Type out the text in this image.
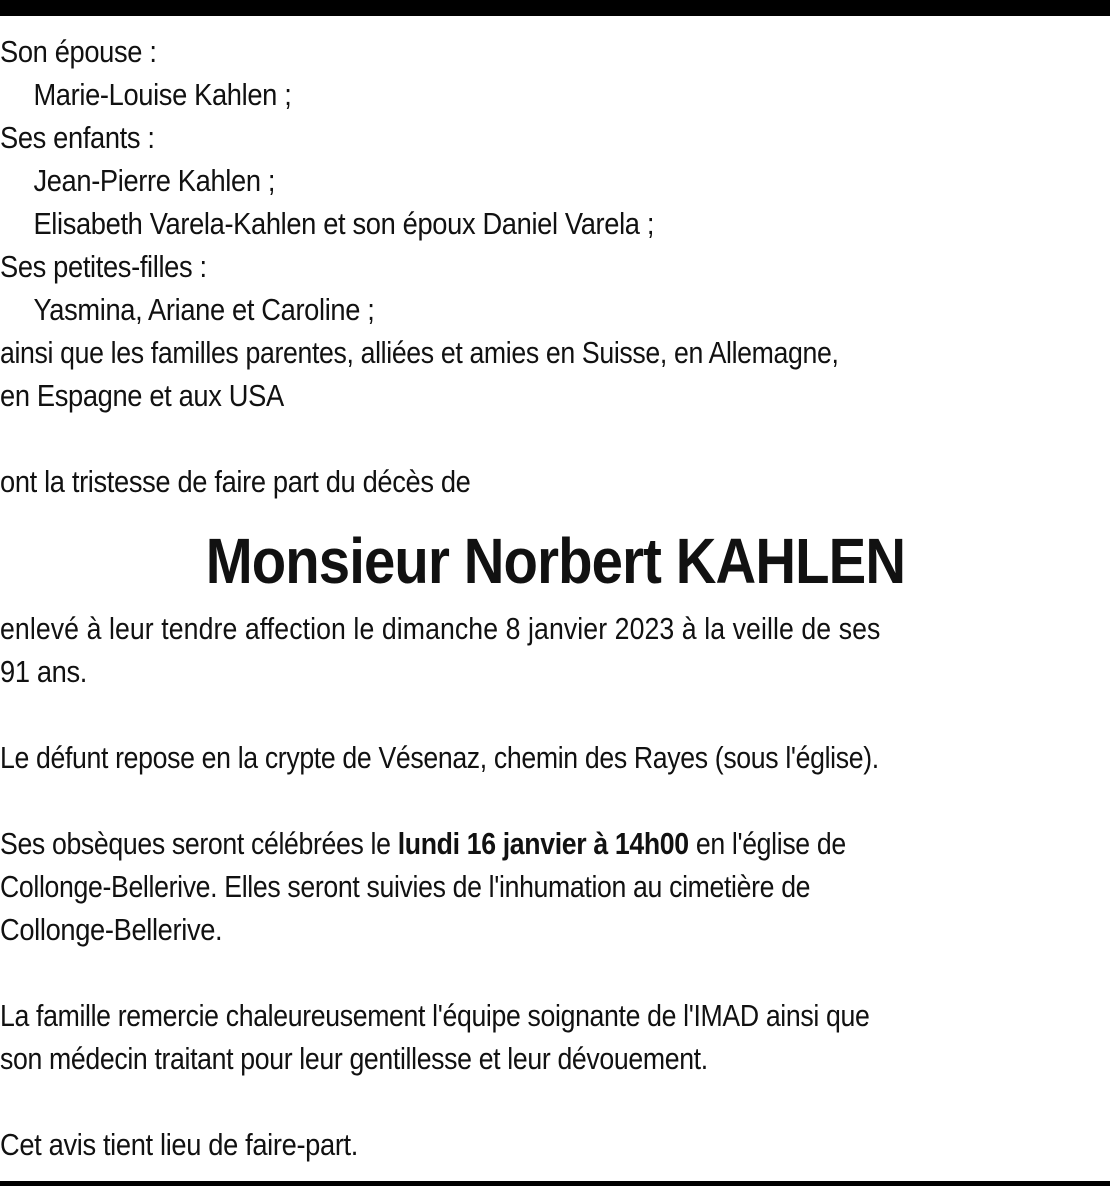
Son épouse :
Marie-Louise Kahlen ;
Ses enfants :
Jean-Pierre Kahlen ;
Elisabeth Varela-Kahlen et son époux Daniel Varela ;
Ses petites-filles :
Yasmina, Ariane et Caroline ;
ainsi que les familles parentes, alliées et amies en Suisse, en Allemagne,
en Espagne et aux USA
ont la tristesse de faire part du décès de
Monsieur Norbert KAHLEN
enlevé à leur tendre affection le dimanche 8 janvier 2023 à la veille de ses
91 ans.
Le défunt repose en la crypte de Vésenaz, chemin des Rayes (sous l'église).
Ses obsèques seront célébrées le lundi 16 janvier à 14h00 en l'église de
Collonge-Bellerive. Elles seront suivies de l'inhumation au cimetière de
Collonge-Bellerive.
La famille remercie chaleureusement l'équipe soignante de l'IMAD ainsi que
son médecin traitant pour leur gentillesse et leur dévouement.
Cet avis tient lieu de faire-part.
